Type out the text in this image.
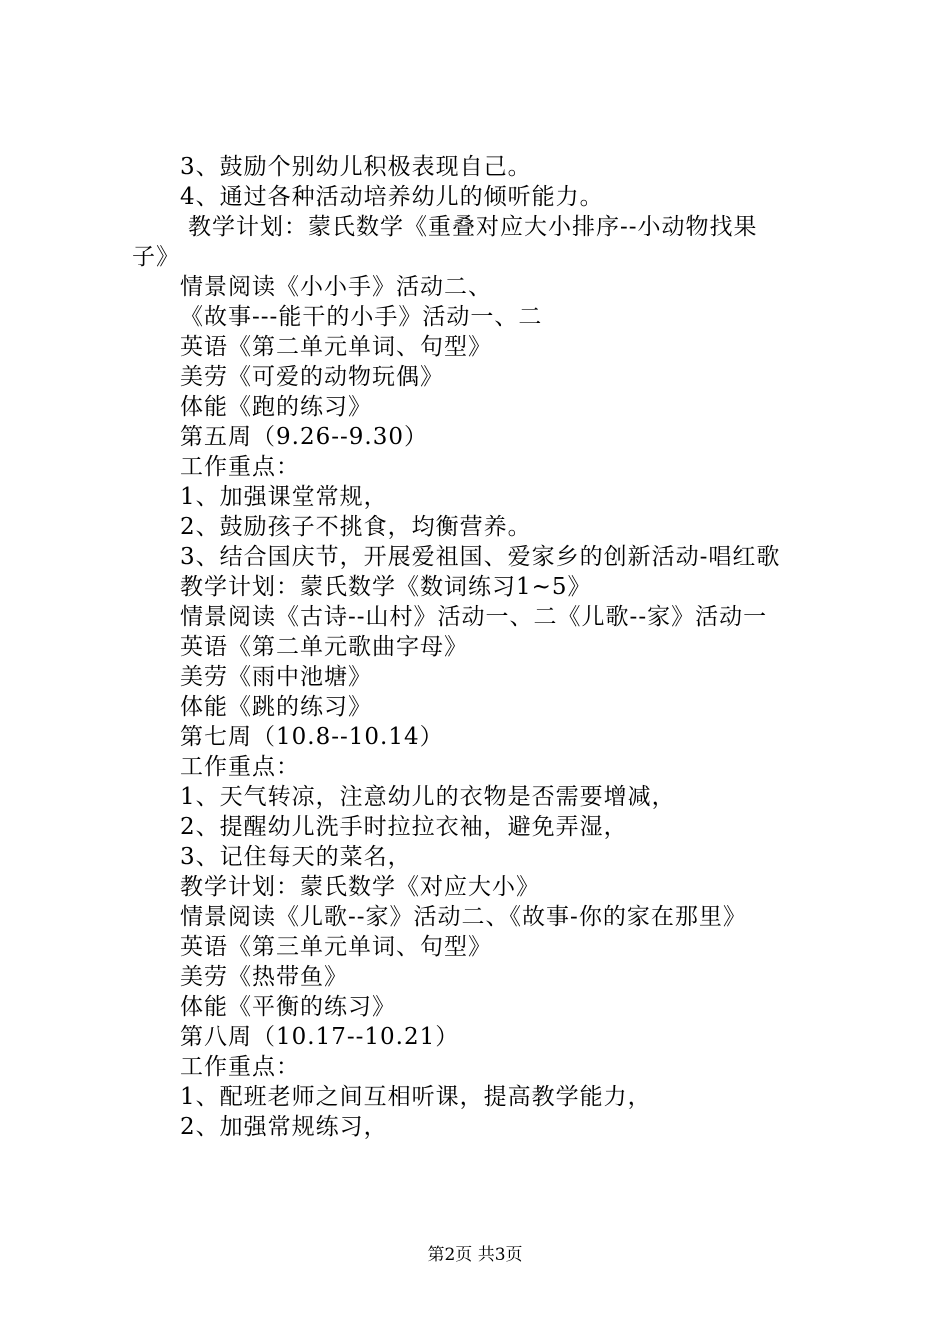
3、鼓励个别幼儿积极表现自己。
4、通过各种活动培养幼儿的倾听能力。
教学计划：蒙氏数学《重叠对应大小排序--小动物找果
子》
情景阅读《小小手》活动二、
《故事---能干的小手》活动一、二
英语《第二单元单词、句型》
美劳《可爱的动物玩偶》
体能《跑的练习》
第五周（9.26--9.30）
工作重点：
1、加强课堂常规，
2、鼓励孩子不挑食，均衡营养。
3、结合国庆节，开展爱祖国、爱家乡的创新活动-唱红歌
教学计划：蒙氏数学《数词练习1~5》
情景阅读《古诗--山村》活动一、二《儿歌--家》活动一
英语《第二单元歌曲字母》
美劳《雨中池塘》
体能《跳的练习》
第七周（10.8--10.14）
工作重点：
1、天气转凉，注意幼儿的衣物是否需要增减，
2、提醒幼儿洗手时拉拉衣袖，避免弄湿，
3、记住每天的菜名，
教学计划：蒙氏数学《对应大小》
情景阅读《儿歌--家》活动二、《故事-你的家在那里》
英语《第三单元单词、句型》
美劳《热带鱼》
体能《平衡的练习》
第八周（10.17--10.21）
工作重点：
1、配班老师之间互相听课，提高教学能力，
2、加强常规练习，
第2页 共3页
